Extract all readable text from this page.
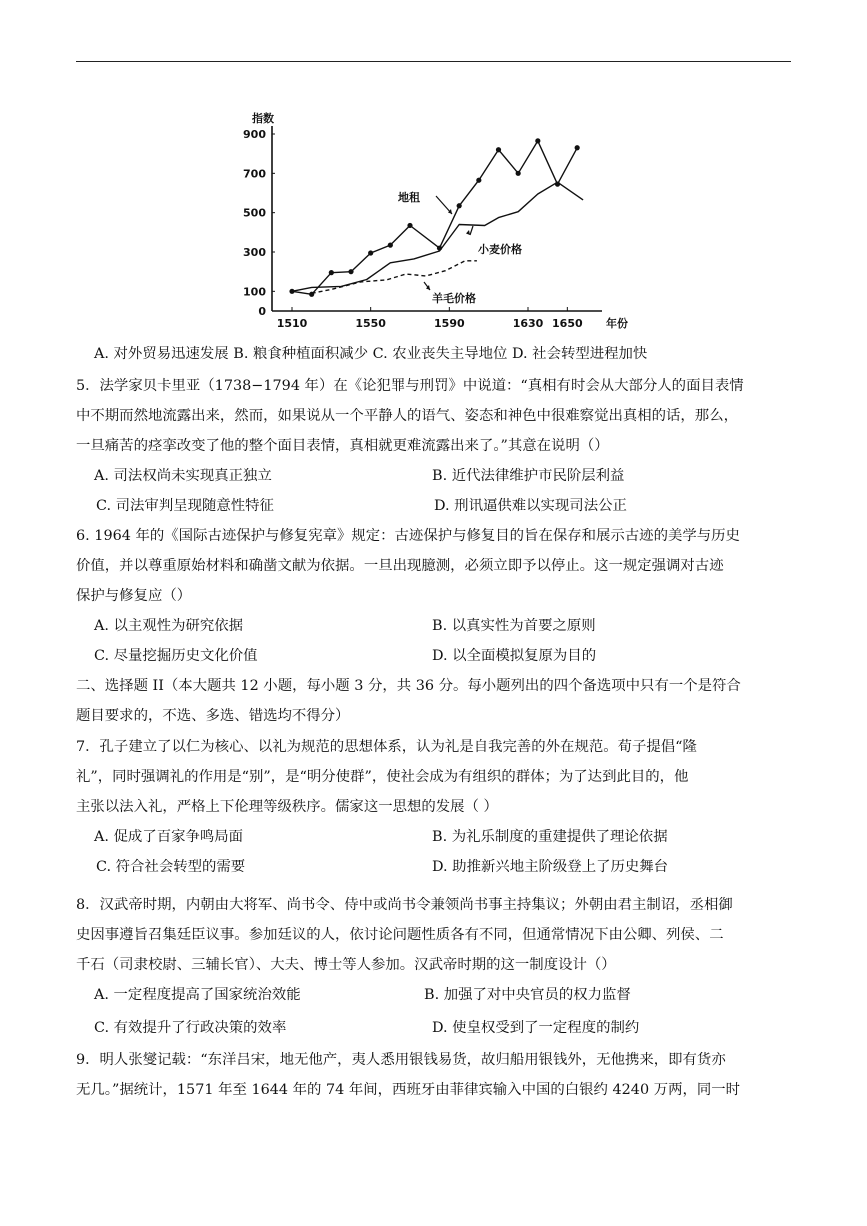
指数
900
700
500
300
100
0
1510	1550	1590	1630 1650 年份
地租
小麦价格
羊毛价格
A. 对外贸易迅速发展 B. 粮食种植面积减少 C. 农业丧失主导地位 D. 社会转型进程加快
5．法学家贝卡里亚（1738−1794 年）在《论犯罪与刑罚》中说道：“真相有时会从大部分人的面目表情
中不期而然地流露出来，然而，如果说从一个平静人的语气、姿态和神色中很难察觉出真相的话，那么，
一旦痛苦的痉挛改变了他的整个面目表情，真相就更难流露出来了。”其意在说明（）
A. 司法权尚未实现真正独立	B. 近代法律维护市民阶层利益
C. 司法审判呈现随意性特征	D. 刑讯逼供难以实现司法公正
6. 1964 年的《国际古迹保护与修复宪章》规定：古迹保护与修复目的旨在保存和展示古迹的美学与历史
价值，并以尊重原始材料和确凿文献为依据。一旦出现臆测，必须立即予以停止。这一规定强调对古迹
保护与修复应（）
A. 以主观性为研究依据	B. 以真实性为首要之原则
C. 尽量挖掘历史文化价值	D. 以全面模拟复原为目的
二、选择题 II（本大题共 12 小题，每小题 3 分，共 36 分。每小题列出的四个备选项中只有一个是符合
题目要求的，不选、多选、错选均不得分）
7．孔子建立了以仁为核心、以礼为规范的思想体系，认为礼是自我完善的外在规范。荀子提倡“隆
礼”，同时强调礼的作用是“别”，是“明分使群”，使社会成为有组织的群体；为了达到此目的，他
主张以法入礼，严格上下伦理等级秩序。儒家这一思想的发展（ ）
A. 促成了百家争鸣局面	B. 为礼乐制度的重建提供了理论依据
C. 符合社会转型的需要	D. 助推新兴地主阶级登上了历史舞台
8．汉武帝时期，内朝由大将军、尚书令、侍中或尚书令兼领尚书事主持集议；外朝由君主制诏，丞相御
史因事遵旨召集廷臣议事。参加廷议的人，依讨论问题性质各有不同，但通常情况下由公卿、列侯、二
千石（司隶校尉、三辅长官）、大夫、博士等人参加。汉武帝时期的这一制度设计（）
A. 一定程度提高了国家统治效能	B. 加强了对中央官员的权力监督
C. 有效提升了行政决策的效率	D. 使皇权受到了一定程度的制约
9．明人张燮记载：“东洋吕宋，地无他产，夷人悉用银钱易货，故归船用银钱外，无他携来，即有货亦
无几。”据统计，1571 年至 1644 年的 74 年间，西班牙由菲律宾输入中国的白银约 4240 万两，同一时
